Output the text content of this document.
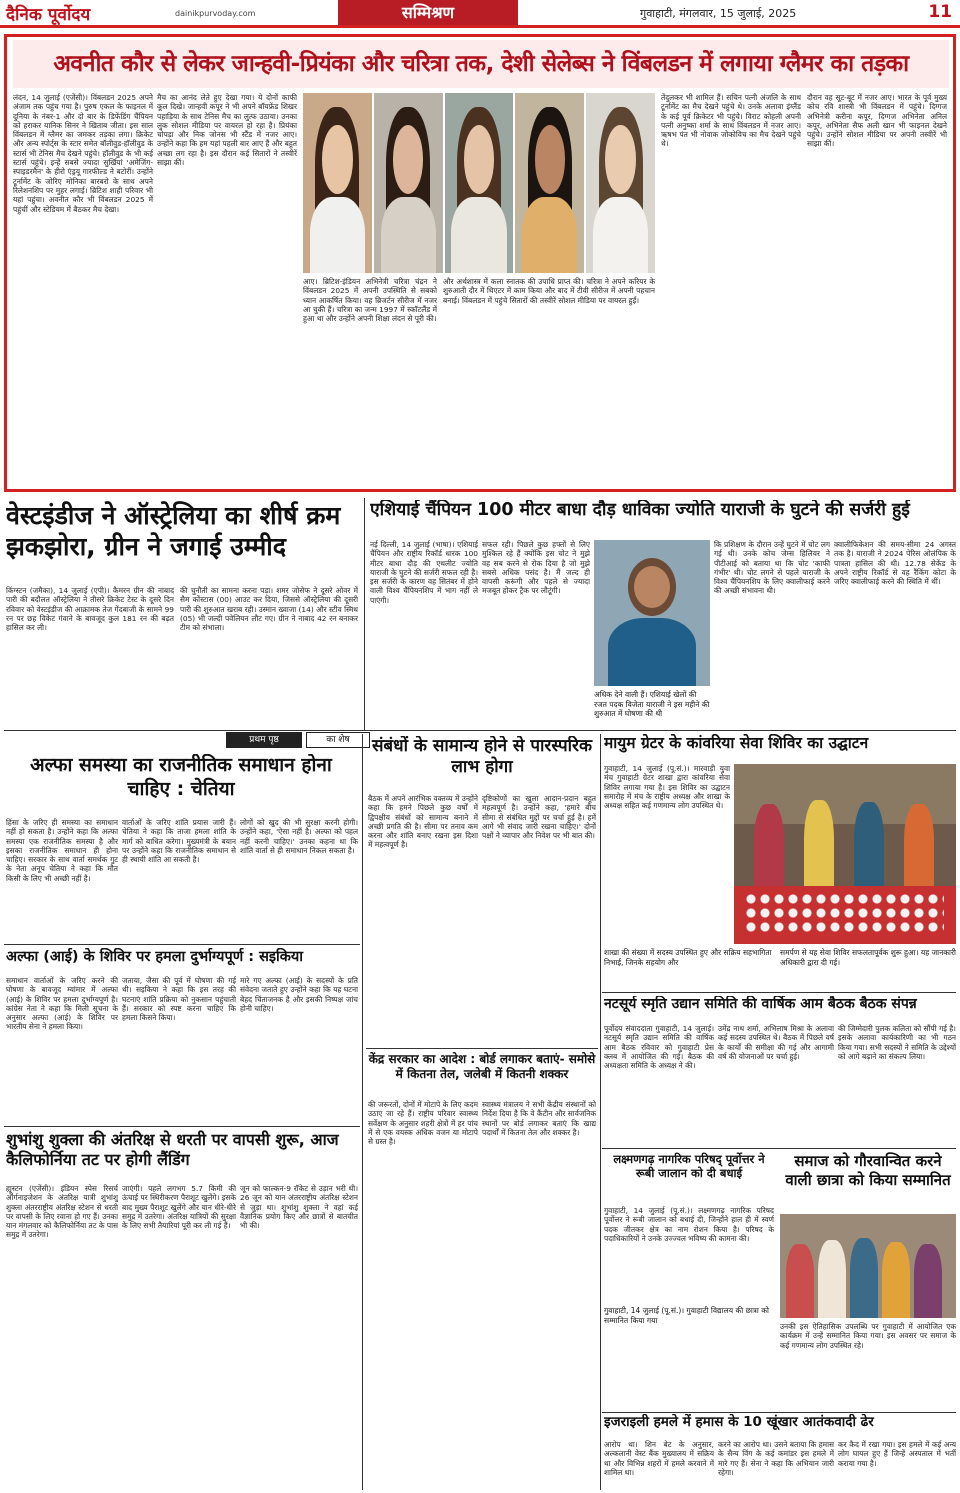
दैनिक पूर्वोदय	dainikpurvoday.com	सम्मिश्रण	गुवाहाटी, मंगलवार, 15 जुलाई, 2025	11
अवनीत कौर से लेकर जान्हवी-प्रियंका और चरित्रा तक, देशी सेलेब्स ने विंबलडन में लगाया ग्लैमर का तड़का
लंदन, 14 जुलाई (एजेंसी)। विंबलडन 2025 अपने अंजाम तक पहुंच गया है। पुरुष एकल के फाइनल में दुनिया के नंबर-1 और दो बार के डिफेंडिंग चैंपियन को हराकर यानिक सिनर ने खिताब जीता। इस साल विंबलडन में ग्लैमर का जमकर तड़का लगा। क्रिकेट और अन्य स्पोर्ट्स के स्टार समेत बॉलीवुड-हॉलीवुड के स्टार्स भी टेनिस मैच देखने पहुंचे। हॉलीवुड के भी कई स्टार्स पहुंचे। इन्हें सबसे ज्यादा सुर्खियां 'अमेजिंग-स्पाइडरमैन' के हीरो एंड्रयू गारफील्ड ने बटोरीं। उन्होंने टूर्नामेंट के जोरिए मोनिका बारबरो के साथ अपने रिलेशनशिप पर मुहर लगाई। ब्रिटिश शाही परिवार भी यहां पहुंचा। अवनीत कौर भी विंबलडन 2025 में पहुंचीं और स्टेडियम में बैठकर मैच देखा।
मैच का आनंद लेते हुए देखा गया। ये दोनों काफी कूल दिखे। जान्हवी कपूर ने भी अपने बॉयफ्रेंड शिखर पहाड़िया के साथ टेनिस मैच का लुत्फ उठाया। उनका लुक सोशल मीडिया पर वायरल हो रहा है। प्रियंका चोपड़ा और निक जोनस भी स्टैंड में नजर आए। उन्होंने कहा कि हम यहां पहली बार आए हैं और बहुत अच्छा लग रहा है। इस दौरान कई सितारों ने तस्वीरें साझा कीं।
आए। ब्रिटिश-इंडियन अभिनेत्री चरित्रा चंद्रन ने विंबलडन 2025 में अपनी उपस्थिति से सबको ध्यान आकर्षित किया। वह ब्रिजर्टन सीरीज में नजर आ चुकी हैं। चरित्रा का जन्म 1997 में स्कॉटलैंड में हुआ था और उन्होंने अपनी शिक्षा लंदन से पूरी की।
और अर्थशास्त्र में कला स्नातक की उपाधि प्राप्त की। चरित्रा ने अपने करियर के शुरुआती दौर में थिएटर में काम किया और बाद में टीवी सीरीज में अपनी पहचान बनाई। विंबलडन में पहुंचे सितारों की तस्वीरें सोशल मीडिया पर वायरल हुईं।
तेंदुलकर भी शामिल हैं। सचिन पत्नी अंजलि के साथ टूर्नामेंट का मैच देखने पहुंचे थे। उनके अलावा इंग्लैंड के कई पूर्व क्रिकेटर भी पहुंचे। विराट कोहली अपनी पत्नी अनुष्का शर्मा के साथ विंबलडन में नजर आए। ऋषभ पंत भी नोवाक जोकोविच का मैच देखने पहुंचे थे।
दौरान वह सूट-बूट में नजर आए। भारत के पूर्व मुख्य कोच रवि शास्त्री भी विंबलडन में पहुंचे। दिग्गज अभिनेत्री करीना कपूर, दिग्गज अभिनेता अनिल कपूर, अभिनेता सैफ अली खान भी फाइनल देखने पहुंचे। उन्होंने सोशल मीडिया पर अपनी तस्वीरें भी साझा कीं।
वेस्टइंडीज ने ऑस्ट्रेलिया का शीर्ष क्रम झकझोरा, ग्रीन ने जगाई उम्मीद
किंग्स्टन (जमैका), 14 जुलाई (एपी)। कैमरन ग्रीन की नाबाद पारी की बदौलत ऑस्ट्रेलिया ने तीसरे क्रिकेट टेस्ट के दूसरे दिन रविवार को वेस्टइंडीज की आक्रामक तेज गेंदबाजी के सामने 99 रन पर छह विकेट गंवाने के बावजूद कुल 181 रन की बढ़त हासिल कर ली।
की चुनौती का सामना करना पड़ा। शमर जोसेफ ने दूसरे ओवर में सैम कोंस्टास (00) आउट कर दिया, जिससे ऑस्ट्रेलिया की दूसरी पारी की शुरुआत खराब रही। उस्मान ख्वाजा (14) और स्टीव स्मिथ (05) भी जल्दी पवेलियन लौट गए। ग्रीन ने नाबाद 42 रन बनाकर टीम को संभाला।
एशियाई चैंपियन 100 मीटर बाधा दौड़ धाविका ज्योति याराजी के घुटने की सर्जरी हुई
नई दिल्ली, 14 जुलाई (भाषा)। एशियाई चैंपियन और राष्ट्रीय रिकॉर्ड धारक 100 मीटर बाधा दौड़ की एथलीट ज्योति याराजी के घुटने की सर्जरी सफल रही है। इस सर्जरी के कारण वह सितंबर में होने वाली विश्व चैंपियनशिप में भाग नहीं ले पाएंगी।
सफल रही। पिछले कुछ हफ्तों से लिए मुश्किल रहे हैं क्योंकि इस चोट ने मुझे वह सब करने से रोक दिया है जो मुझे सबसे अधिक पसंद है। मैं जल्द ही वापसी करूंगी और पहले से ज्यादा मजबूत होकर ट्रैक पर लौटूंगी।
अधिक देने वाली हैं। एशियाई खेलों की रजत पदक विजेता याराजी ने इस महीने की शुरुआत में घोषणा की थी
कि प्रशिक्षण के दौरान उन्हें घुटने में चोट लग गई थी। उनके कोच जेम्स हिलियर ने पीटीआई को बताया था कि चोट 'काफी गंभीर' थी। चोट लगने से पहले याराजी के विश्व चैंपियनशिप के लिए क्वालीफाई करने की अच्छी संभावना थी।
क्वालीफिकेशन की समय-सीमा 24 अगस्त तक है। याराजी ने 2024 पेरिस ओलंपिक के पात्रता हासिल की थी। 12.78 सेकेंड के अपने राष्ट्रीय रिकॉर्ड से वह रैंकिंग कोटा के जरिए क्वालीफाई करने की स्थिति में थीं।
प्रथम पृष्ठ	का शेष
अल्फा समस्या का राजनीतिक समाधान होना चाहिए : चेतिया
हिंसा के जरिए ही समस्या का समाधान नहीं हो सकता है। उन्होंने कहा कि अल्फा समस्या एक राजनीतिक समस्या है और इसका राजनीतिक समाधान ही होना चाहिए। सरकार के साथ वार्ता समर्थक गुट के नेता अनूप चेतिया ने कहा कि मौत किसी के लिए भी अच्छी नहीं है।
वार्ताओं के जरिए शांति प्रयास जारी हैं। चेतिया ने कहा कि ताजा हमला शांति के मार्ग को बाधित करेगा। मुख्यमंत्री के बयान पर उन्होंने कहा कि राजनीतिक समाधान से ही स्थायी शांति आ सकती है।
लोगों को खुद की भी सुरक्षा करनी होगी। उन्होंने कहा, 'ऐसा नहीं है। अल्फा को पहल नहीं करनी चाहिए।' उनका कहना था कि शांति वार्ता से ही समाधान निकल सकता है।
अल्फा (आई) के शिविर पर हमला दुर्भाग्यपूर्ण : सइकिया
समाधान वार्ताओं के जरिए करने की घोषणा के बावजूद म्यांमार में अल्फा (आई) के शिविर पर हमला दुर्भाग्यपूर्ण है। कांग्रेस नेता ने कहा कि मिली सूचना के अनुसार अल्फा (आई) के शिविर पर भारतीय सेना ने हमला किया।
जताया, जैसा की पूर्व में घोषणा की गई थी। सइकिया ने कहा कि इस तरह की घटनाएं शांति प्रक्रिया को नुकसान पहुंचाती हैं। सरकार को स्पष्ट करना चाहिए कि हमला किसने किया।
मारे गए अल्फा (आई) के सदस्यों के प्रति संवेदना जताते हुए उन्होंने कहा कि यह घटना बेहद चिंताजनक है और इसकी निष्पक्ष जांच होनी चाहिए।
शुभांशु शुक्ला की अंतरिक्ष से धरती पर वापसी शुरू, आज कैलिफोर्निया तट पर होगी लैंडिंग
ह्यूस्टन (एजेंसी)। इंडियन स्पेस रिसर्च ऑर्गनाइजेशन के अंतरिक्ष यात्री शुभांशु शुक्ला अंतरराष्ट्रीय अंतरिक्ष स्टेशन से धरती पर वापसी के लिए रवाना हो गए हैं। उनका यान मंगलवार को कैलिफोर्निया तट के पास समुद्र में उतरेगा।
जाएंगी। पहले लगभग 5.7 किमी की ऊंचाई पर स्थिरीकरण पैराशूट खुलेंगे। इसके बाद मुख्य पैराशूट खुलेंगे और यान धीरे-धीरे समुद्र में उतरेगा। अंतरिक्ष यात्रियों की सुरक्षा के लिए सभी तैयारियां पूरी कर ली गई हैं।
जून को फाल्कन-9 रॉकेट से उड़ान भरी थी। 26 जून को यान अंतरराष्ट्रीय अंतरिक्ष स्टेशन से जुड़ा था। शुभांशु शुक्ला ने वहां कई वैज्ञानिक प्रयोग किए और छात्रों से बातचीत भी की।
संबंधों के सामान्य होने से पारस्परिक लाभ होगा
बैठक में अपने आरंभिक वक्तव्य में उन्होंने कहा कि हमने पिछले कुछ वर्षों में द्विपक्षीय संबंधों को सामान्य बनाने में अच्छी प्रगति की है। सीमा पर तनाव कम करना और शांति बनाए रखना इस दिशा में महत्वपूर्ण है।
दृष्टिकोणों का खुला आदान-प्रदान बहुत महत्वपूर्ण है। उन्होंने कहा, 'हमारे बीच सीमा से संबंधित मुद्दों पर चर्चा हुई है। हमें आगे भी संवाद जारी रखना चाहिए।' दोनों पक्षों ने व्यापार और निवेश पर भी बात की।
केंद्र सरकार का आदेश : बोर्ड लगाकर बताएं- समोसे में कितना तेल, जलेबी में कितनी शक्कर
की जरूरतों, दोनों में मोटापे के लिए कदम उठाए जा रहे हैं। राष्ट्रीय परिवार स्वास्थ्य सर्वेक्षण के अनुसार शहरी क्षेत्रों में हर पांच में से एक वयस्क अधिक वजन या मोटापे से ग्रस्त है।
स्वास्थ्य मंत्रालय ने सभी केंद्रीय संस्थानों को निर्देश दिया है कि वे कैंटीन और सार्वजनिक स्थानों पर बोर्ड लगाकर बताएं कि खाद्य पदार्थों में कितना तेल और शक्कर है।
मायुम ग्रेटर के कांवरिया सेवा शिविर का उद्घाटन
गुवाहाटी, 14 जुलाई (पू.सं.)। मारवाड़ी युवा मंच गुवाहाटी ग्रेटर शाखा द्वारा कांवरिया सेवा शिविर लगाया गया है। इस शिविर का उद्घाटन समारोह में मंच के राष्ट्रीय अध्यक्ष और शाखा के अध्यक्ष सहित कई गणमान्य लोग उपस्थित थे।
शाखा की संख्या में सदस्य उपस्थित हुए और सक्रिय सहभागिता निभाई, जिनके सहयोग और
समर्पण से यह सेवा शिविर सफलतापूर्वक शुरू हुआ। यह जानकारी अधिकारी द्वारा दी गई।
नटसूर्य स्मृति उद्यान समिति की वार्षिक आम बैठक बैठक संपन्न
पूर्वोदय संवाददाता गुवाहाटी, 14 जुलाई। नटसूर्य स्मृति उद्यान समिति की वार्षिक आम बैठक रविवार को गुवाहाटी प्रेस क्लब में आयोजित की गई। बैठक की अध्यक्षता समिति के अध्यक्ष ने की।
उमेंद्र नाथ शर्मा, अभिलाष मिश्रा के अलावा कई सदस्य उपस्थित थे। बैठक में पिछले वर्ष के कार्यों की समीक्षा की गई और आगामी वर्ष की योजनाओं पर चर्चा हुई।
की जिम्मेदारी पुलक कलिता को सौंपी गई है। इसके अलावा कार्यकारिणी का भी गठन किया गया। सभी सदस्यों ने समिति के उद्देश्यों को आगे बढ़ाने का संकल्प लिया।
लक्ष्मणगढ़ नागरिक परिषद् पूर्वोत्तर ने रूबी जालान को दी बधाई
गुवाहाटी, 14 जुलाई (पू.सं.)। लक्ष्मणगढ़ नागरिक परिषद पूर्वोत्तर ने रूबी जालान को बधाई दी, जिन्होंने हाल ही में स्वर्ण पदक जीतकर क्षेत्र का नाम रोशन किया है। परिषद के पदाधिकारियों ने उनके उज्ज्वल भविष्य की कामना की।
समाज को गौरवान्वित करने वाली छात्रा को किया सम्मानित
गुवाहाटी, 14 जुलाई (पू.सं.)। गुवाहाटी विद्यालय की छात्रा को सम्मानित किया गया
उनकी इस ऐतिहासिक उपलब्धि पर गुवाहाटी में आयोजित एक कार्यक्रम में उन्हें सम्मानित किया गया। इस अवसर पर समाज के कई गणमान्य लोग उपस्थित रहे।
इजराइली हमले में हमास के 10 खूंखार आतंकवादी ढेर
आरोप था। शिन बेट के अनुसार, अल्कलानी वेस्ट बैंक मुख्यालय में सक्रिय था और विभिन्न शहरों में हमले करवाने में शामिल था।
करने का आरोप था। उसने बताया कि हमास के सैन्य विंग के कई कमांडर इस हमले में मारे गए हैं। सेना ने कहा कि अभियान जारी रहेगा।
कर कैद में रखा गया। इस हमले में कई अन्य लोग घायल हुए हैं जिन्हें अस्पताल में भर्ती कराया गया है।
